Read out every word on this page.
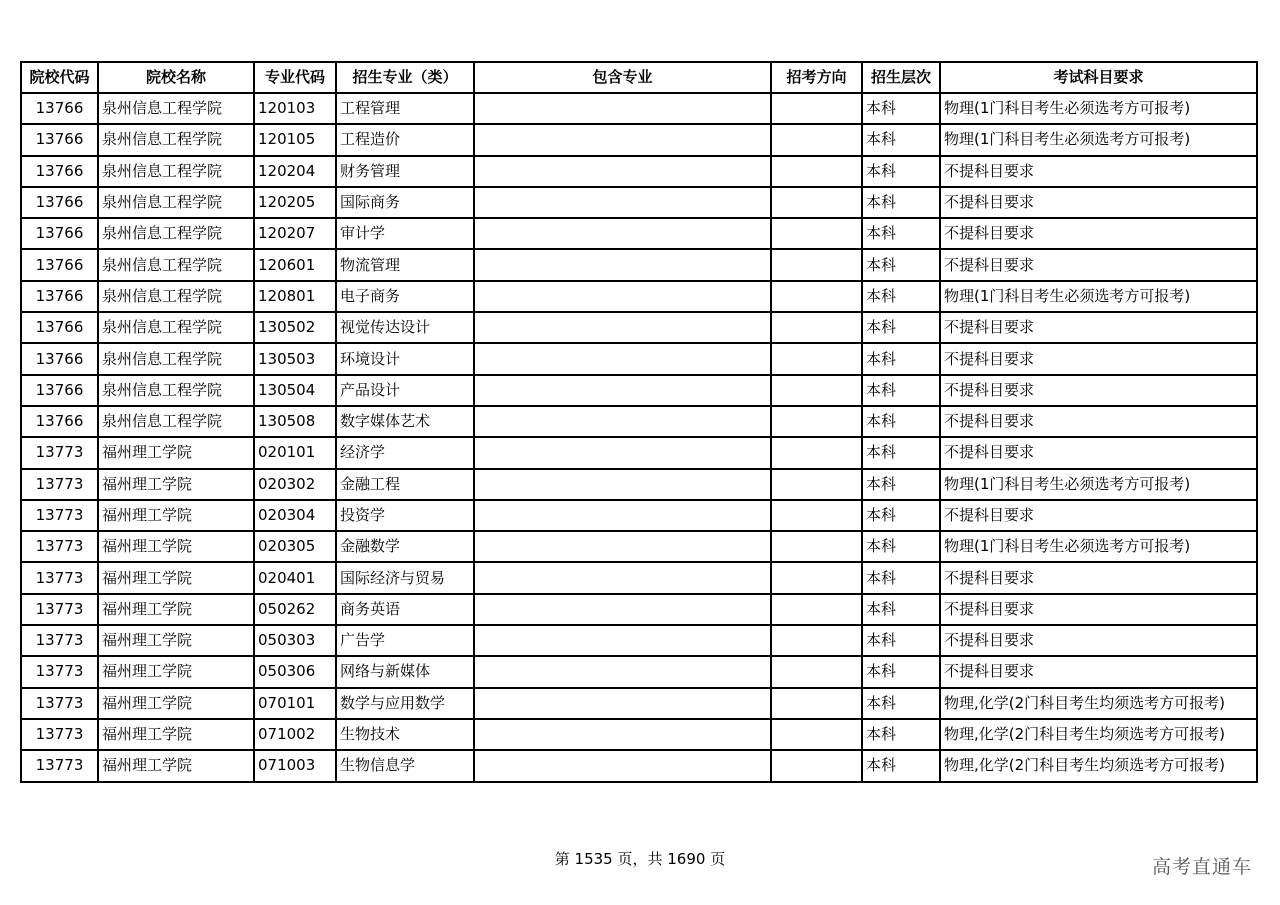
院校代码	院校名称	专业代码	招生专业（类）	包含专业	招考方向	招生层次	考试科目要求
13766	泉州信息工程学院	120103	工程管理			本科	物理(1门科目考生必须选考方可报考)
13766	泉州信息工程学院	120105	工程造价			本科	物理(1门科目考生必须选考方可报考)
13766	泉州信息工程学院	120204	财务管理			本科	不提科目要求
13766	泉州信息工程学院	120205	国际商务			本科	不提科目要求
13766	泉州信息工程学院	120207	审计学			本科	不提科目要求
13766	泉州信息工程学院	120601	物流管理			本科	不提科目要求
13766	泉州信息工程学院	120801	电子商务			本科	物理(1门科目考生必须选考方可报考)
13766	泉州信息工程学院	130502	视觉传达设计			本科	不提科目要求
13766	泉州信息工程学院	130503	环境设计			本科	不提科目要求
13766	泉州信息工程学院	130504	产品设计			本科	不提科目要求
13766	泉州信息工程学院	130508	数字媒体艺术			本科	不提科目要求
13773	福州理工学院	020101	经济学			本科	不提科目要求
13773	福州理工学院	020302	金融工程			本科	物理(1门科目考生必须选考方可报考)
13773	福州理工学院	020304	投资学			本科	不提科目要求
13773	福州理工学院	020305	金融数学			本科	物理(1门科目考生必须选考方可报考)
13773	福州理工学院	020401	国际经济与贸易			本科	不提科目要求
13773	福州理工学院	050262	商务英语			本科	不提科目要求
13773	福州理工学院	050303	广告学			本科	不提科目要求
13773	福州理工学院	050306	网络与新媒体			本科	不提科目要求
13773	福州理工学院	070101	数学与应用数学			本科	物理,化学(2门科目考生均须选考方可报考)
13773	福州理工学院	071002	生物技术			本科	物理,化学(2门科目考生均须选考方可报考)
13773	福州理工学院	071003	生物信息学			本科	物理,化学(2门科目考生均须选考方可报考)
第 1535 页，共 1690 页	高考直通车
